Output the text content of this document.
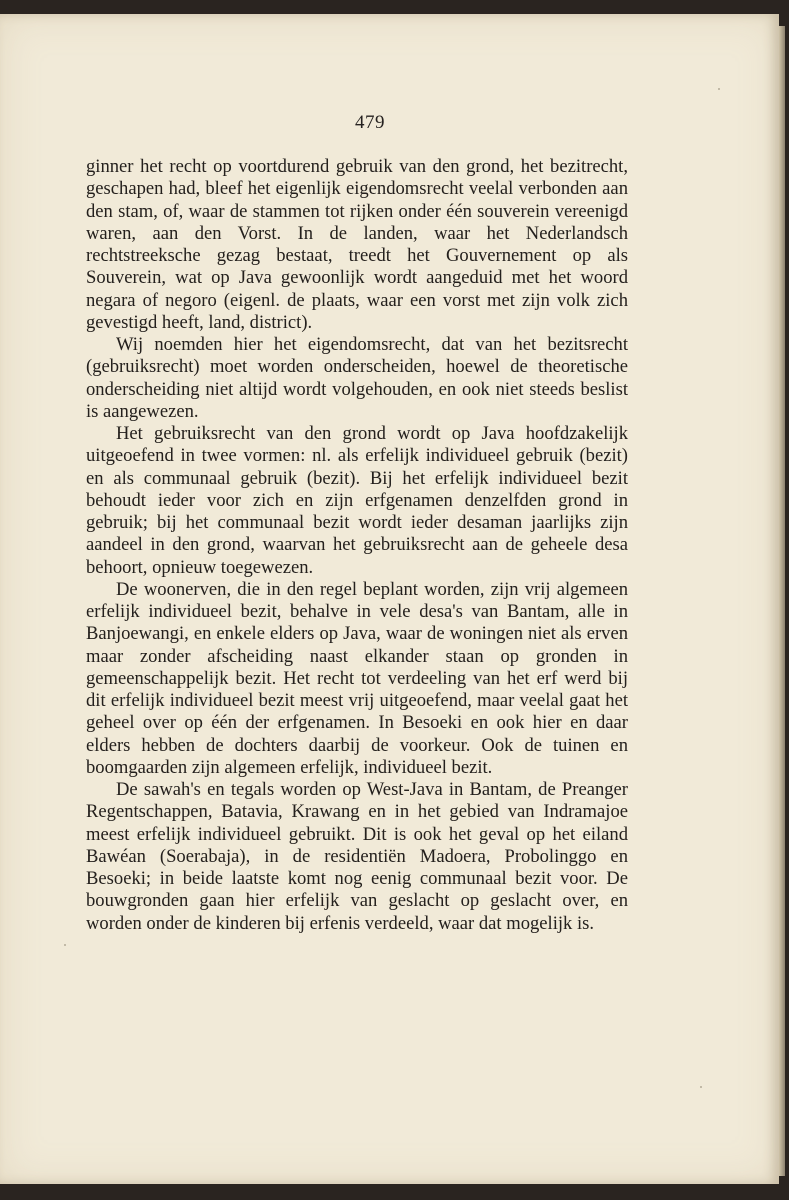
479

ginner het recht op voortdurend gebruik van den grond, het bezitrecht, geschapen had, bleef het eigenlijk eigendomsrecht veelal verbonden aan den stam, of, waar de stammen tot rijken onder één souverein vereenigd waren, aan den Vorst. In de landen, waar het Nederlandsch rechtstreeksche gezag bestaat, treedt het Gouvernement op als Souverein, wat op Java gewoonlijk wordt aangeduid met het woord negara of negoro (eigenl. de plaats, waar een vorst met zijn volk zich gevestigd heeft, land, district).

Wij noemden hier het eigendomsrecht, dat van het bezitsrecht (gebruiksrecht) moet worden onderscheiden, hoewel de theoretische onderscheiding niet altijd wordt volgehouden, en ook niet steeds beslist is aangewezen.

Het gebruiksrecht van den grond wordt op Java hoofdzakelijk uitgeoefend in twee vormen: nl. als erfelijk individueel gebruik (bezit) en als communaal gebruik (bezit). Bij het erfelijk individueel bezit behoudt ieder voor zich en zijn erfgenamen denzelfden grond in gebruik; bij het communaal bezit wordt ieder desaman jaarlijks zijn aandeel in den grond, waarvan het gebruiksrecht aan de geheele desa behoort, opnieuw toegewezen.

De woonerven, die in den regel beplant worden, zijn vrij algemeen erfelijk individueel bezit, behalve in vele desa's van Bantam, alle in Banjoewangi, en enkele elders op Java, waar de woningen niet als erven maar zonder afscheiding naast elkander staan op gronden in gemeenschappelijk bezit. Het recht tot verdeeling van het erf werd bij dit erfelijk individueel bezit meest vrij uitgeoefend, maar veelal gaat het geheel over op één der erfgenamen. In Besoeki en ook hier en daar elders hebben de dochters daarbij de voorkeur. Ook de tuinen en boomgaarden zijn algemeen erfelijk, individueel bezit.

De sawah's en tegals worden op West-Java in Bantam, de Preanger Regentschappen, Batavia, Krawang en in het gebied van Indramajoe meest erfelijk individueel gebruikt. Dit is ook het geval op het eiland Bawéan (Soerabaja), in de residentiën Madoera, Probolinggo en Besoeki; in beide laatste komt nog eenig communaal bezit voor. De bouwgronden gaan hier erfelijk van geslacht op geslacht over, en worden onder de kinderen bij erfenis verdeeld, waar dat mogelijk is.
